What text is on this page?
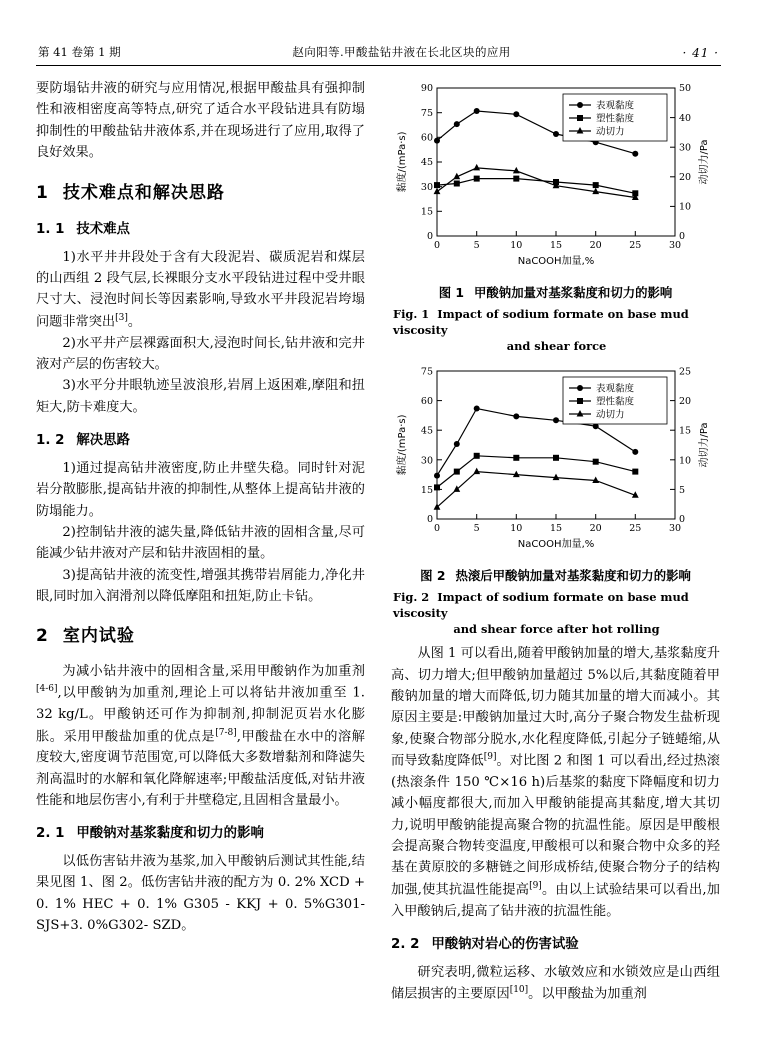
第 41 卷第 1 期	赵向阳等.甲酸盐钻井液在长北区块的应用	· 41 ·

要防塌钻井液的研究与应用情况,根据甲酸盐具有强抑制性和液相密度高等特点,研究了适合水平段钻进具有防塌抑制性的甲酸盐钻井液体系,并在现场进行了应用,取得了良好效果。

1 技术难点和解决思路
1. 1 技术难点

1)水平井井段处于含有大段泥岩、碳质泥岩和煤层的山西组 2 段气层,长裸眼分支水平段钻进过程中受井眼尺寸大、浸泡时间长等因素影响,导致水平井段泥岩垮塌问题非常突出[3]。

2)水平井产层裸露面积大,浸泡时间长,钻井液和完井液对产层的伤害较大。

3)水平分井眼轨迹呈波浪形,岩屑上返困难,摩阻和扭矩大,防卡难度大。

1. 2 解决思路

1)通过提高钻井液密度,防止井壁失稳。同时针对泥岩分散膨胀,提高钻井液的抑制性,从整体上提高钻井液的防塌能力。

2)控制钻井液的滤失量,降低钻井液的固相含量,尽可能减少钻井液对产层和钻井液固相的量。

3)提高钻井液的流变性,增强其携带岩屑能力,净化井眼,同时加入润滑剂以降低摩阻和扭矩,防止卡钻。

2 室内试验

为减小钻井液中的固相含量,采用甲酸钠作为加重剂[4-6],以甲酸钠为加重剂,理论上可以将钻井液加重至 1. 32 kg/L。甲酸钠还可作为抑制剂,抑制泥页岩水化膨胀。采用甲酸盐加重的优点是[7-8],甲酸盐在水中的溶解度较大,密度调节范围宽,可以降低大多数增黏剂和降滤失剂高温时的水解和氧化降解速率;甲酸盐活度低,对钻井液性能和地层伤害小,有利于井壁稳定,且固相含量最小。

2. 1 甲酸钠对基浆黏度和切力的影响

以低伤害钻井液为基浆,加入甲酸钠后测试其性能,结果见图 1、图 2。低伤害钻井液的配方为 0. 2% XCD + 0. 1% HEC + 0. 1% G305 - KKJ + 0. 5%G301-SJS+3. 0%G302- SZD。

0	5	10	15	20	25	30
0
15
30
45
60
75
90
0
10
20
30
40
50
黏度/(mPa·s)	动切力/Pa
NaCOOH加量,%
表观黏度
塑性黏度
动切力
图 1 甲酸钠加量对基浆黏度和切力的影响
Fig. 1 Impact of sodium formate on base mud viscosity
and shear force
0	5	10	15	20	25	30
0
15
30
45
60
75
0
5
10
15
20
25
黏度/(mPa·s)	动切力/Pa
NaCOOH加量,%
表观黏度
塑性黏度
动切力
图 2 热滚后甲酸钠加量对基浆黏度和切力的影响
Fig. 2 Impact of sodium formate on base mud viscosity
and shear force after hot rolling

从图 1 可以看出,随着甲酸钠加量的增大,基浆黏度升高、切力增大;但甲酸钠加量超过 5%以后,其黏度随着甲酸钠加量的增大而降低,切力随其加量的增大而减小。其原因主要是:甲酸钠加量过大时,高分子聚合物发生盐析现象,使聚合物部分脱水,水化程度降低,引起分子链蜷缩,从而导致黏度降低[9]。对比图 2 和图 1 可以看出,经过热滚(热滚条件 150 ℃×16 h)后基浆的黏度下降幅度和切力减小幅度都很大,而加入甲酸钠能提高其黏度,增大其切力,说明甲酸钠能提高聚合物的抗温性能。原因是甲酸根会提高聚合物转变温度,甲酸根可以和聚合物中众多的羟基在黄原胶的多糖链之间形成桥结,使聚合物分子的结构加强,使其抗温性能提高[9]。由以上试验结果可以看出,加入甲酸钠后,提高了钻井液的抗温性能。

2. 2 甲酸钠对岩心的伤害试验

研究表明,微粒运移、水敏效应和水锁效应是山西组储层损害的主要原因[10]。以甲酸盐为加重剂
